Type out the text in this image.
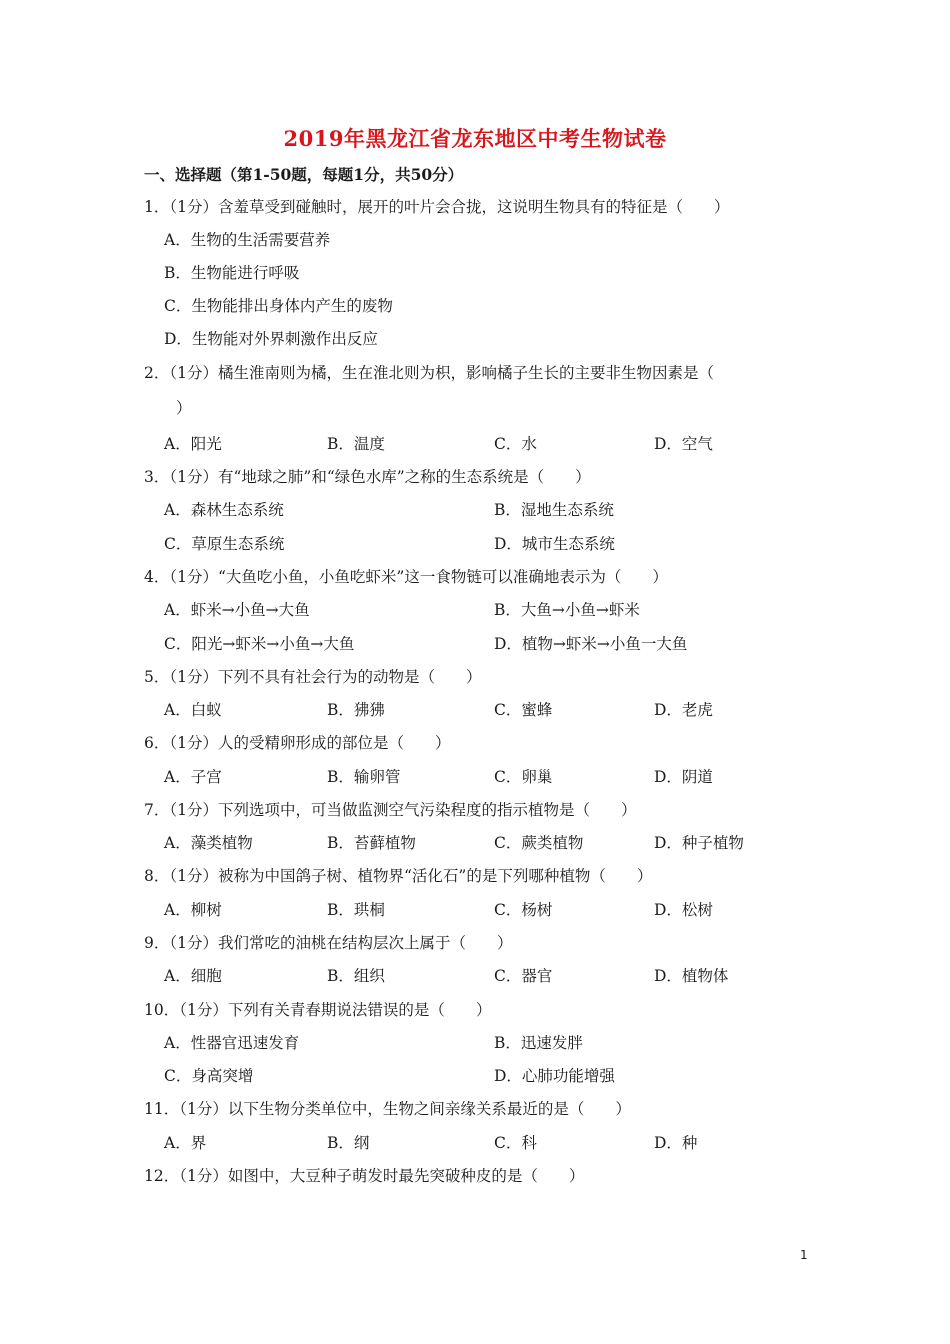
2019年黑龙江省龙东地区中考生物试卷
一、选择题（第1-50题，每题1分，共50分）
1．（1分）含羞草受到碰触时，展开的叶片会合拢，这说明生物具有的特征是（　　）
A．生物的生活需要营养
B．生物能进行呼吸
C．生物能排出身体内产生的废物
D．生物能对外界刺激作出反应
2．（1分）橘生淮南则为橘，生在淮北则为枳，影响橘子生长的主要非生物因素是（
）
A．阳光	B．温度	C．水	D．空气
3．（1分）有“地球之肺”和“绿色水库”之称的生态系统是（　　）
A．森林生态系统	B．湿地生态系统
C．草原生态系统	D．城市生态系统
4．（1分）“大鱼吃小鱼，小鱼吃虾米”这一食物链可以准确地表示为（　　）
A．虾米→小鱼→大鱼	B．大鱼→小鱼→虾米
C．阳光→虾米→小鱼→大鱼	D．植物→虾米→小鱼一大鱼
5．（1分）下列不具有社会行为的动物是（　　）
A．白蚁	B．狒狒	C．蜜蜂	D．老虎
6．（1分）人的受精卵形成的部位是（　　）
A．子宫	B．输卵管	C．卵巢	D．阴道
7．（1分）下列选项中，可当做监测空气污染程度的指示植物是（　　）
A．藻类植物	B．苔藓植物	C．蕨类植物	D．种子植物
8．（1分）被称为中国鸽子树、植物界“活化石”的是下列哪种植物（　　）
A．柳树	B．珙桐	C．杨树	D．松树
9．（1分）我们常吃的油桃在结构层次上属于（　　）
A．细胞	B．组织	C．器官	D．植物体
10．（1分）下列有关青春期说法错误的是（　　）
A．性器官迅速发育	B．迅速发胖
C．身高突增	D．心肺功能增强
11．（1分）以下生物分类单位中，生物之间亲缘关系最近的是（　　）
A．界	B．纲	C．科	D．种
12．（1分）如图中，大豆种子萌发时最先突破种皮的是（　　）
1
